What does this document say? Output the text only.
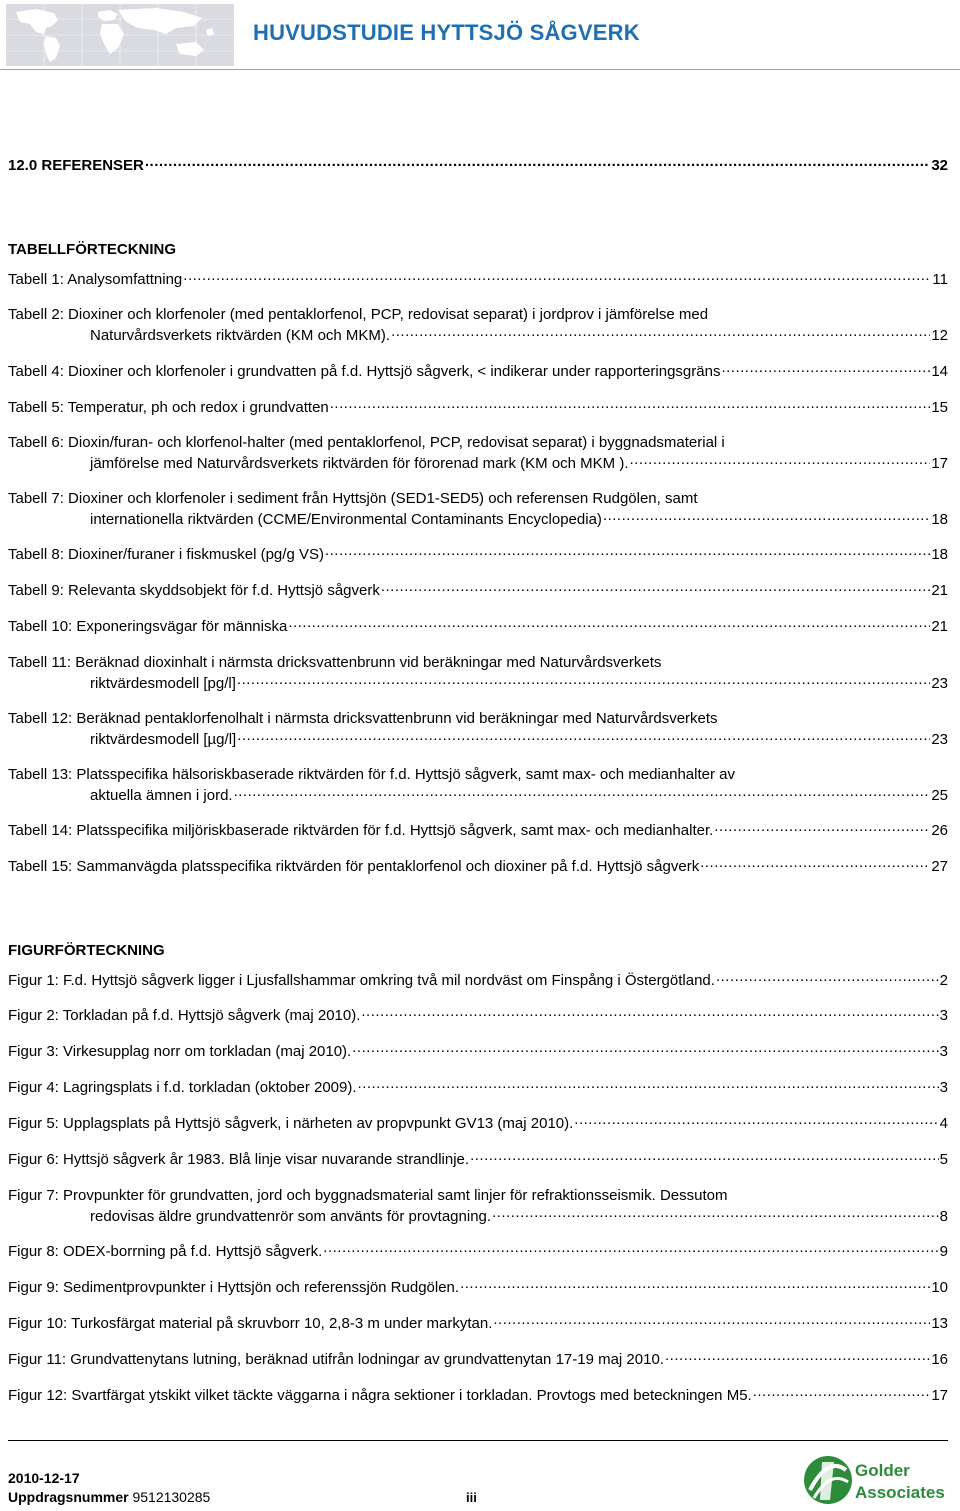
HUVUDSTUDIE HYTTSJÖ SÅGVERK
12.0 REFERENSER .....	32
TABELLFÖRTECKNING
Tabell 1: Analysomfattning .....	11
Tabell 2: Dioxiner och klorfenoler (med pentaklorfenol, PCP, redovisat separat) i jordprov i jämförelse med
Naturvårdsverkets riktvärden (KM och MKM). .....	12
Tabell 4: Dioxiner och klorfenoler i grundvatten på f.d. Hyttsjö sågverk, < indikerar under rapporteringsgräns .....	14
Tabell 5: Temperatur, ph och redox i grundvatten .....	15
Tabell 6: Dioxin/furan- och klorfenol-halter (med pentaklorfenol, PCP, redovisat separat) i byggnadsmaterial i
jämförelse med Naturvårdsverkets riktvärden för förorenad mark (KM och MKM ). .....	17
Tabell 7: Dioxiner och klorfenoler i sediment från Hyttsjön (SED1-SED5) och referensen Rudgölen, samt
internationella riktvärden (CCME/Environmental Contaminants Encyclopedia) .....	18
Tabell 8: Dioxiner/furaner i fiskmuskel (pg/g VS) .....	18
Tabell 9: Relevanta skyddsobjekt för f.d. Hyttsjö sågverk .....	21
Tabell 10: Exponeringsvägar för människa .....	21
Tabell 11: Beräknad dioxinhalt i närmsta dricksvattenbrunn vid beräkningar med Naturvårdsverkets
riktvärdesmodell [pg/l] .....	23
Tabell 12: Beräknad pentaklorfenolhalt i närmsta dricksvattenbrunn vid beräkningar med Naturvårdsverkets
riktvärdesmodell [µg/l] .....	23
Tabell 13: Platsspecifika hälsoriskbaserade riktvärden för f.d. Hyttsjö sågverk, samt max- och medianhalter av
aktuella ämnen i jord. .....	25
Tabell 14: Platsspecifika miljöriskbaserade riktvärden för f.d. Hyttsjö sågverk, samt max- och medianhalter. .....	26
Tabell 15: Sammanvägda platsspecifika riktvärden för pentaklorfenol och dioxiner på f.d. Hyttsjö sågverk .....	27
FIGURFÖRTECKNING
Figur 1: F.d. Hyttsjö sågverk ligger i Ljusfallshammar omkring två mil nordväst om Finspång i Östergötland. .....	2
Figur 2: Torkladan på f.d. Hyttsjö sågverk (maj 2010). .....	3
Figur 3: Virkesupplag norr om torkladan (maj 2010). .....	3
Figur 4: Lagringsplats i f.d. torkladan (oktober 2009). .....	3
Figur 5: Upplagsplats på Hyttsjö sågverk, i närheten av propvpunkt GV13 (maj 2010). .....	4
Figur 6: Hyttsjö sågverk år 1983. Blå linje visar nuvarande strandlinje. .....	5
Figur 7: Provpunkter för grundvatten, jord och byggnadsmaterial samt linjer för refraktionsseismik. Dessutom
redovisas äldre grundvattenrör som använts för provtagning. .....	8
Figur 8: ODEX-borrning på f.d. Hyttsjö sågverk. .....	9
Figur 9: Sedimentprovpunkter i Hyttsjön och referenssjön Rudgölen. .....	10
Figur 10: Turkosfärgat material på skruvborr 10, 2,8-3 m under markytan. .....	13
Figur 11: Grundvattenytans lutning, beräknad utifrån lodningar av grundvattenytan 17-19 maj 2010. .....	16
Figur 12: Svartfärgat ytskikt vilket täckte väggarna i några sektioner i torkladan. Provtogs med beteckningen M5. .....	17
2010-12-17
Uppdragsnummer 9512130285	iii
Golder
Associates
